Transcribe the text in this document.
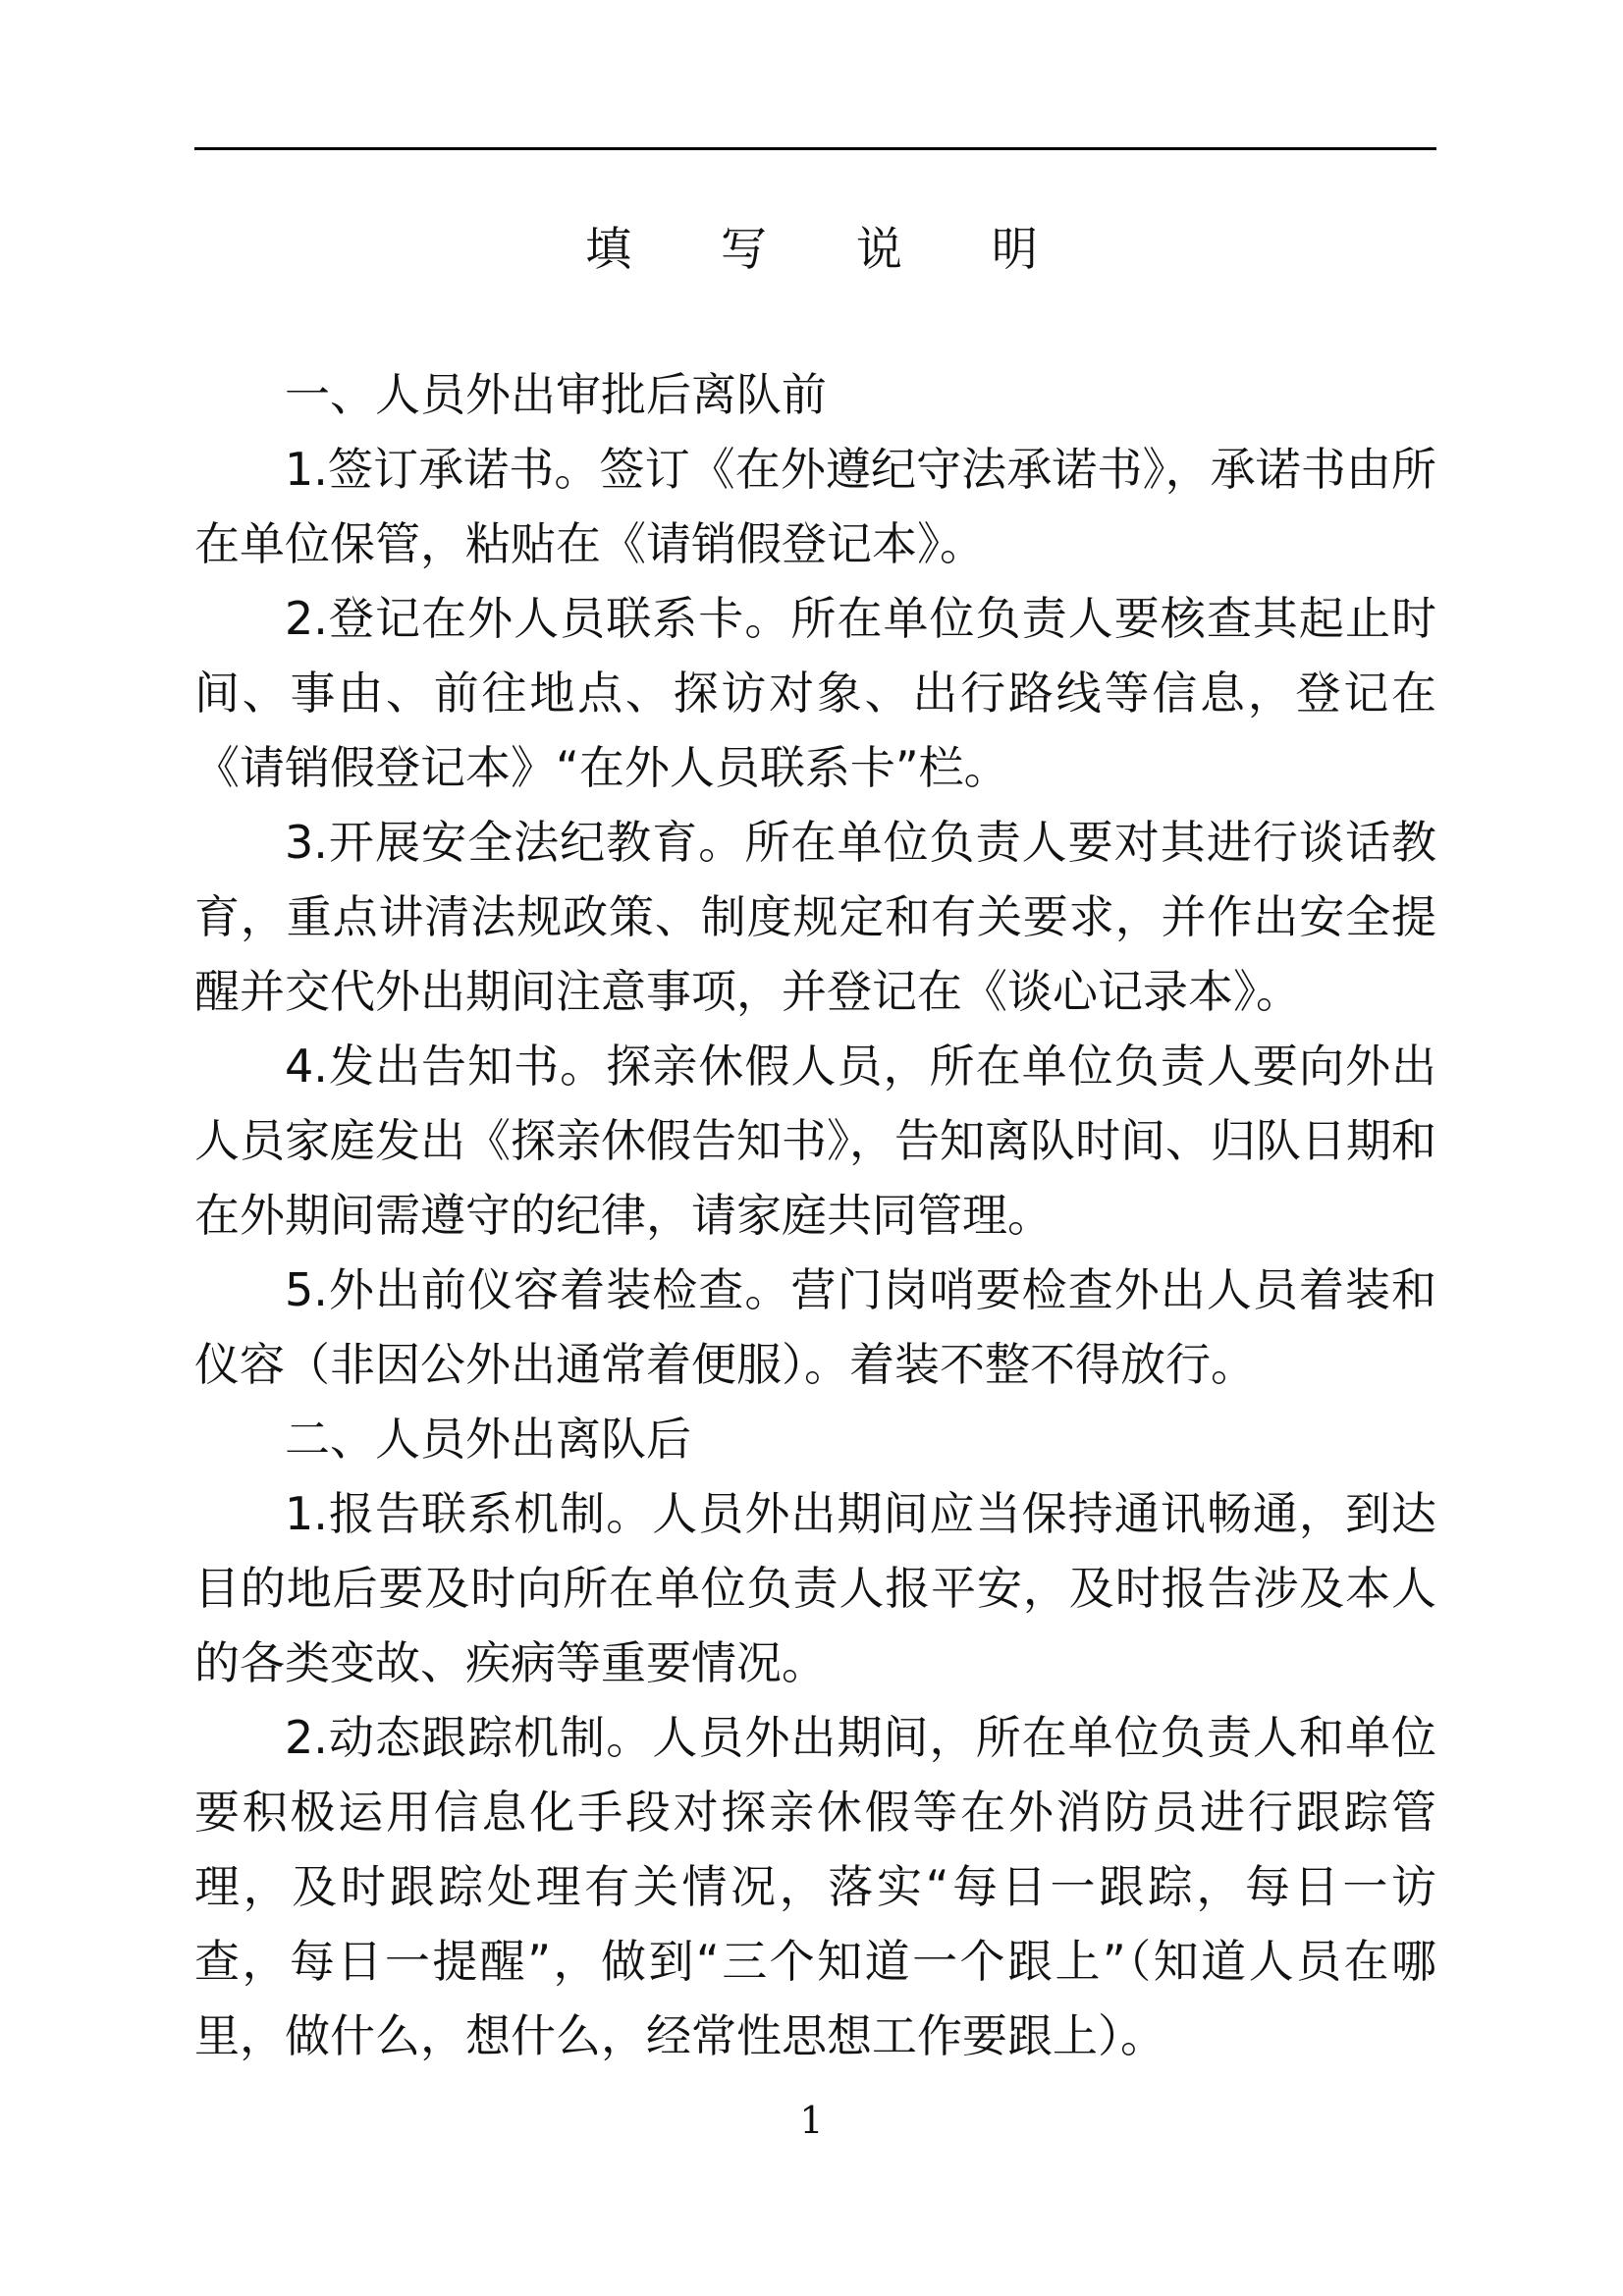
填 写 说 明

一、人员外出审批后离队前

1.签订承诺书。签订《在外遵纪守法承诺书》，承诺书由所在单位保管，粘贴在《请销假登记本》。

2.登记在外人员联系卡。所在单位负责人要核查其起止时间、事由、前往地点、探访对象、出行路线等信息，登记在《请销假登记本》“在外人员联系卡”栏。

3.开展安全法纪教育。所在单位负责人要对其进行谈话教育，重点讲清法规政策、制度规定和有关要求，并作出安全提醒并交代外出期间注意事项，并登记在《谈心记录本》。

4.发出告知书。探亲休假人员，所在单位负责人要向外出人员家庭发出《探亲休假告知书》，告知离队时间、归队日期和在外期间需遵守的纪律，请家庭共同管理。

5.外出前仪容着装检查。营门岗哨要检查外出人员着装和仪容（非因公外出通常着便服）。着装不整不得放行。

二、人员外出离队后

1.报告联系机制。人员外出期间应当保持通讯畅通，到达目的地后要及时向所在单位负责人报平安，及时报告涉及本人的各类变故、疾病等重要情况。

2.动态跟踪机制。人员外出期间，所在单位负责人和单位要积极运用信息化手段对探亲休假等在外消防员进行跟踪管理，及时跟踪处理有关情况，落实“每日一跟踪，每日一访查，每日一提醒”，做到“三个知道一个跟上”（知道人员在哪里，做什么，想什么，经常性思想工作要跟上）。

1
